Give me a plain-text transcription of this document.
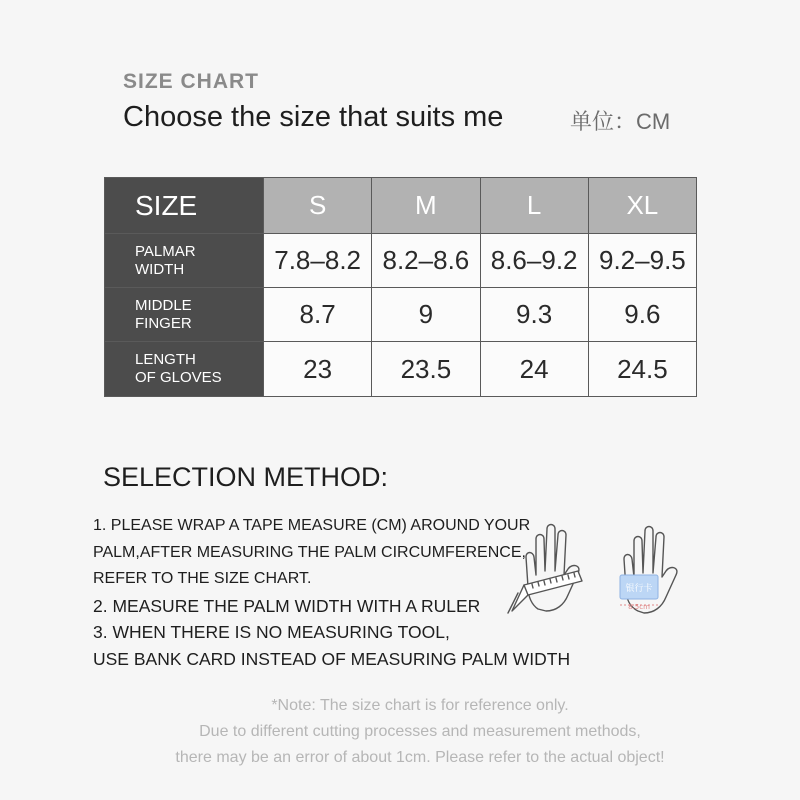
SIZE CHART
Choose the size that suits me	单位：CM
SIZE	S	M	L	XL
PALMAR
WIDTH	7.8–8.2	8.2–8.6	8.6–9.2	9.2–9.5
MIDDLE
FINGER	8.7	9	9.3	9.6
LENGTH
OF GLOVES	23	23.5	24	24.5
SELECTION METHOD:
1. PLEASE WRAP A TAPE MEASURE (CM) AROUND YOUR
PALM,AFTER MEASURING THE PALM CIRCUMFERENCE,
REFER TO THE SIZE CHART.
2. MEASURE THE PALM WIDTH WITH A RULER
3. WHEN THERE IS NO MEASURING TOOL,
USE BANK CARD INSTEAD OF MEASURING PALM WIDTH
银行卡
8.5cm
*Note: The size chart is for reference only.
Due to different cutting processes and measurement methods,
there may be an error of about 1cm. Please refer to the actual object!
